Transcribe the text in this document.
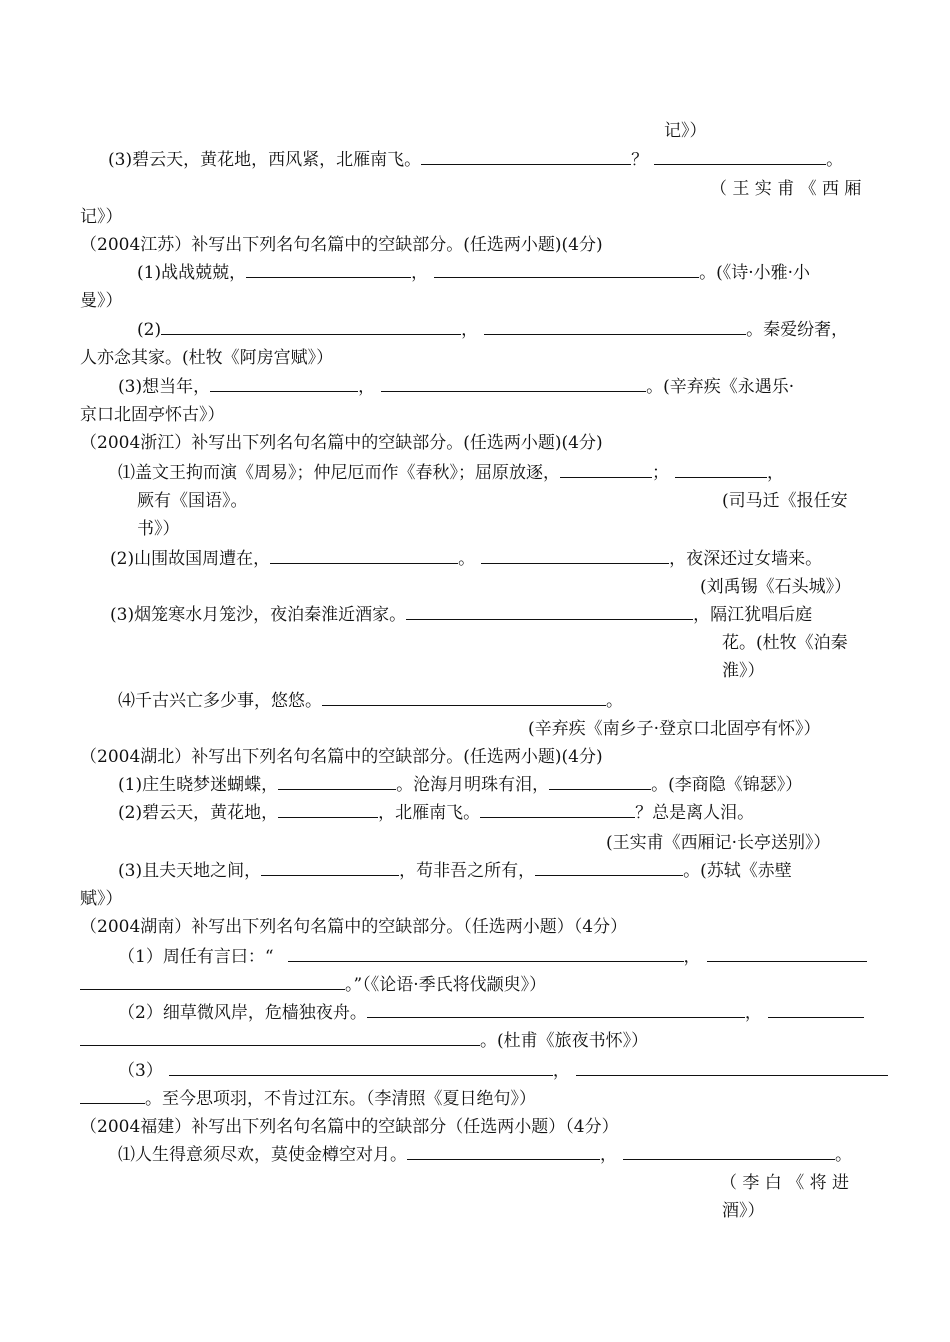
记》）
(3)碧云天，黄花地，西风紧，北雁南飞。	？	。
（ 王 实 甫 《 西 厢
记》）
（2004江苏）补写出下列名句名篇中的空缺部分。(任选两小题)(4分)
(1)战战兢兢，	，	。(《诗·小雅·小
曼》）
(2)	，	。秦爱纷奢，
人亦念其家。(杜牧《阿房宫赋》）
(3)想当年，	，	。(辛弃疾《永遇乐·
京口北固亭怀古》）
（2004浙江）补写出下列名句名篇中的空缺部分。(任选两小题)(4分)
⑴盖文王拘而演《周易》；仲尼厄而作《春秋》；屈原放逐，	；	，
厥有《国语》。	(司马迁《报任安
书》）
(2)山围故国周遭在，	。	，夜深还过女墙来。
(刘禹锡《石头城》）
(3)烟笼寒水月笼沙，夜泊秦淮近酒家。	，隔江犹唱后庭
花。(杜牧《泊秦
淮》）
⑷千古兴亡多少事，悠悠。	。
(辛弃疾《南乡子·登京口北固亭有怀》）
（2004湖北）补写出下列名句名篇中的空缺部分。(任选两小题)(4分)
(1)庄生晓梦迷蝴蝶，	。沧海月明珠有泪，	。(李商隐《锦瑟》）
(2)碧云天，黄花地，	，北雁南飞。	？总是离人泪。
(王实甫《西厢记·长亭送别》）
(3)且夫天地之间，	，苟非吾之所有，	。(苏轼《赤壁
赋》）
（2004湖南）补写出下列名句名篇中的空缺部分。（任选两小题）（4分）
（1）周任有言曰：“	，
。”（《论语·季氏将伐颛臾》）
（2）细草微风岸，危樯独夜舟。	，
。(杜甫《旅夜书怀》）
（3）	，
。至今思项羽，不肯过江东。（李清照《夏日绝句》）
（2004福建）补写出下列名句名篇中的空缺部分（任选两小题）（4分）
⑴人生得意须尽欢，莫使金樽空对月。	，	。
（ 李 白 《 将 进
酒》）
